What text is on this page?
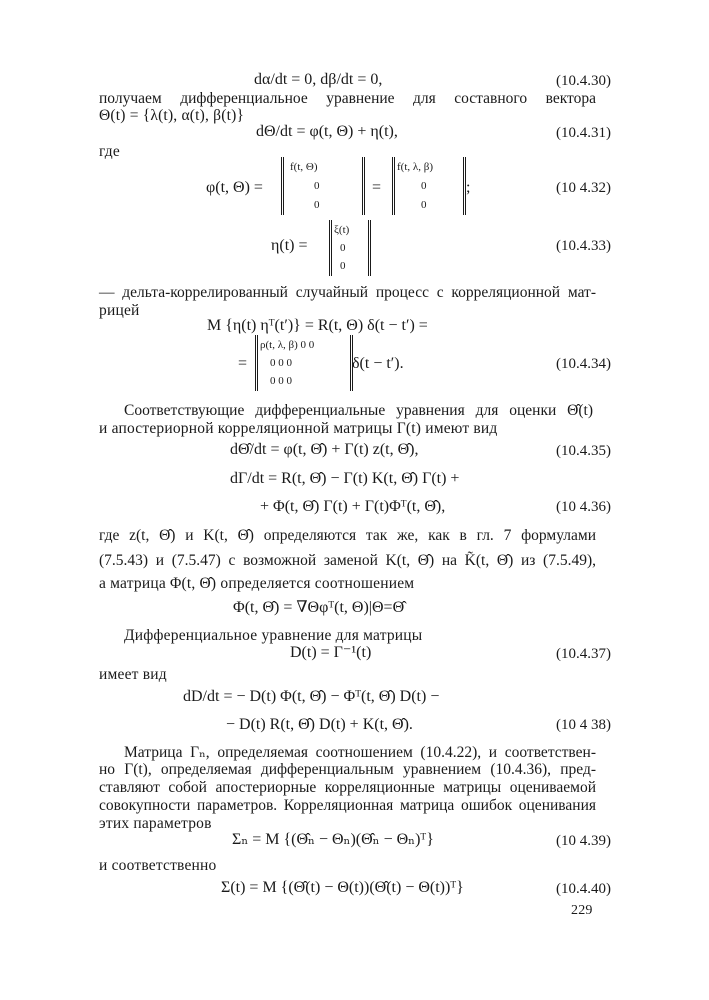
dα/dt = 0, dβ/dt = 0,	(10.4.30)
получаем дифференциальное уравнение для составного вектора
Θ(t) = {λ(t), α(t), β(t)}
dΘ/dt = φ(t, Θ) + η(t),	(10.4.31)
где
φ(t, Θ) =
f(t, Θ)
0
0
=
f(t, λ, β)
0
0
;	(10 4.32)
η(t) =
ξ(t)
0
0
(10.4.33)
— дельта-коррелированный случайный процесс с корреляционной мат-
рицей
M {η(t) ηᵀ(t′)} = R(t, Θ) δ(t − t′) =
=
ρ(t, λ, β) 0 0
0 0 0
0 0 0
δ(t − t′).	(10.4.34)
Соответствующие дифференциальные уравнения для оценки Θ̂(t)
и апостериорной корреляционной матрицы Γ(t) имеют вид
dΘ̂/dt = φ(t, Θ̂) + Γ(t) z(t, Θ̂),	(10.4.35)
dΓ/dt = R(t, Θ̂) − Γ(t) K(t, Θ̂) Γ(t) +
+ Φ(t, Θ̂) Γ(t) + Γ(t)Φᵀ(t, Θ̂),	(10 4.36)
где z(t, Θ̂) и K(t, Θ̂) определяются так же, как в гл. 7 формулами
(7.5.43) и (7.5.47) с возможной заменой K(t, Θ̂) на K̃(t, Θ̂) из (7.5.49),
а матрица Φ(t, Θ̂) определяется соотношением
Φ(t, Θ̂) = ∇Θφᵀ(t, Θ)|Θ=Θ̂
Дифференциальное уравнение для матрицы
D(t) = Γ⁻¹(t)	(10.4.37)
имеет вид
dD/dt = − D(t) Φ(t, Θ̂) − Φᵀ(t, Θ̂) D(t) −
− D(t) R(t, Θ̂) D(t) + K(t, Θ̂).	(10 4 38)
Матрица Γₙ, определяемая соотношением (10.4.22), и соответствен-
но Γ(t), определяемая дифференциальным уравнением (10.4.36), пред-
ставляют собой апостериорные корреляционные матрицы оцениваемой
совокупности параметров. Корреляционная матрица ошибок оценивания
этих параметров
Σₙ = M {(Θ̂ₙ − Θₙ)(Θ̂ₙ − Θₙ)ᵀ}	(10 4.39)
и соответственно
Σ(t) = M {(Θ̂(t) − Θ(t))(Θ̂(t) − Θ(t))ᵀ}	(10.4.40)
229
